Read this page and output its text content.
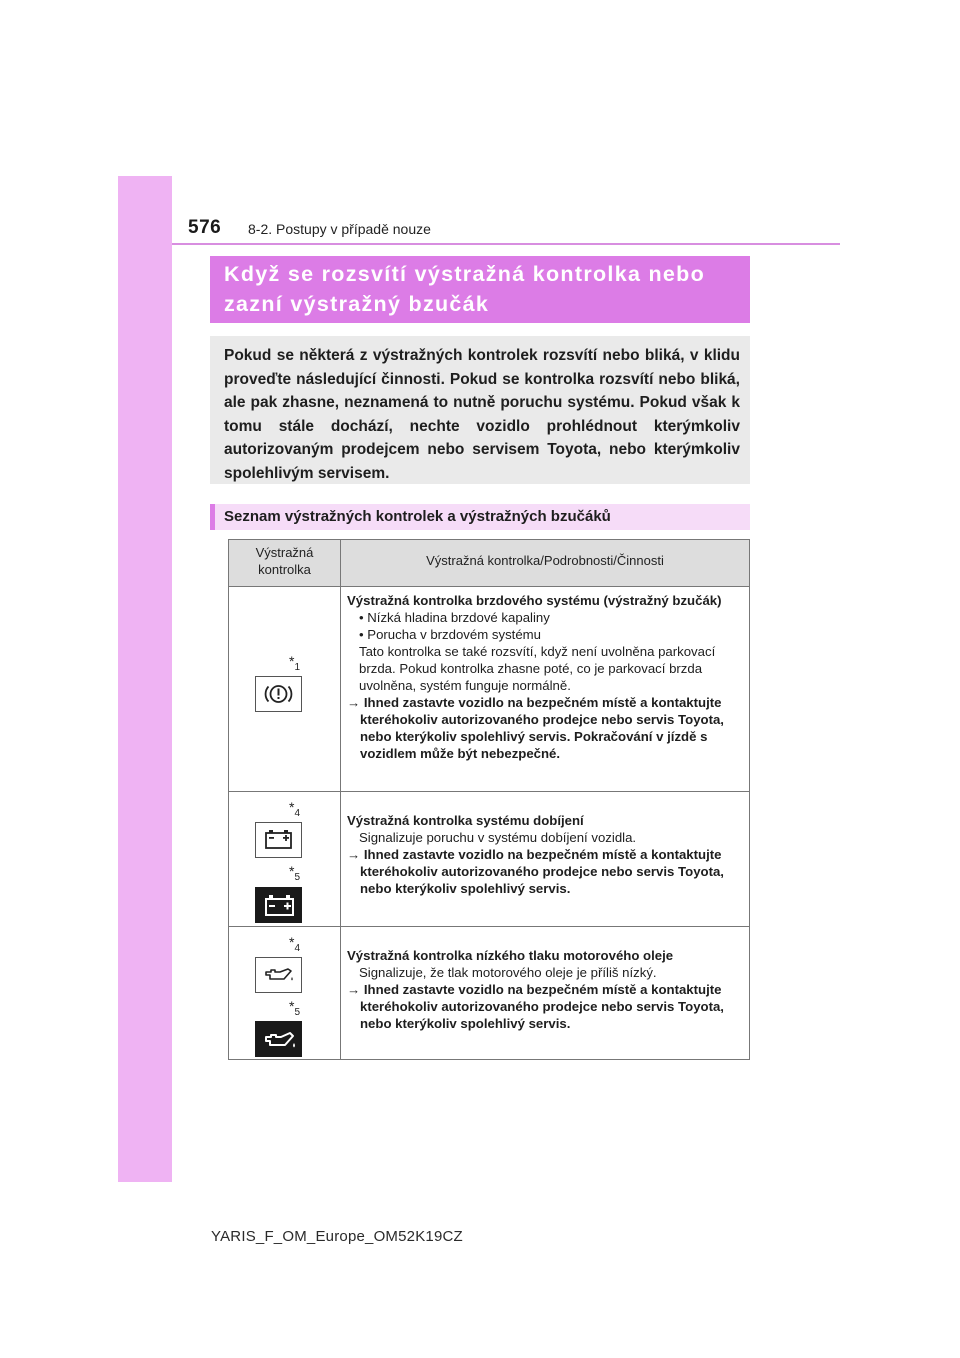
576 8-2. Postupy v případě nouze
Když se rozsvítí výstražná kontrolka nebo
zazní výstražný bzučák

Pokud se některá z výstražných kontrolek rozsvítí nebo bliká, v klidu proveďte následující činnosti. Pokud se kontrolka rozsvítí nebo bliká, ale pak zhasne, neznamená to nutně poruchu systému. Pokud však k tomu stále dochází, nechte vozidlo prohlédnout kterýmkoliv autorizovaným prodejcem nebo servisem Toyota, nebo kterýmkoliv spolehlivým servisem.

Seznam výstražných kontrolek a výstražných bzučáků
Výstražná
kontrolka
Výstražná kontrolka/Podrobnosti/Činnosti
$*_1$
Výstražná kontrolka brzdového systému (výstražný bzučák)
• Nízká hladina brzdové kapaliny
• Porucha v brzdovém systému
Tato kontrolka se také rozsvítí, když není uvolněna parkovací brzda. Pokud kontrolka zhasne poté, co je parkovací brzda uvolněna, systém funguje normálně.
→ Ihned zastavte vozidlo na bezpečném místě a kontaktujte kteréhokoliv autorizovaného prodejce nebo servis Toyota, nebo kterýkoliv spolehlivý servis. Pokračování v jízdě s vozidlem může být nebezpečné.
$*_4$
$*_5$
Výstražná kontrolka systému dobíjení
Signalizuje poruchu v systému dobíjení vozidla.
→ Ihned zastavte vozidlo na bezpečném místě a kontaktujte kteréhokoliv autorizovaného prodejce nebo servis Toyota, nebo kterýkoliv spolehlivý servis.
$*_4$
$*_5$
Výstražná kontrolka nízkého tlaku motorového oleje
Signalizuje, že tlak motorového oleje je příliš nízký.
→ Ihned zastavte vozidlo na bezpečném místě a kontaktujte kteréhokoliv autorizovaného prodejce nebo servis Toyota, nebo kterýkoliv spolehlivý servis.
YARIS_F_OM_Europe_OM52K19CZ
